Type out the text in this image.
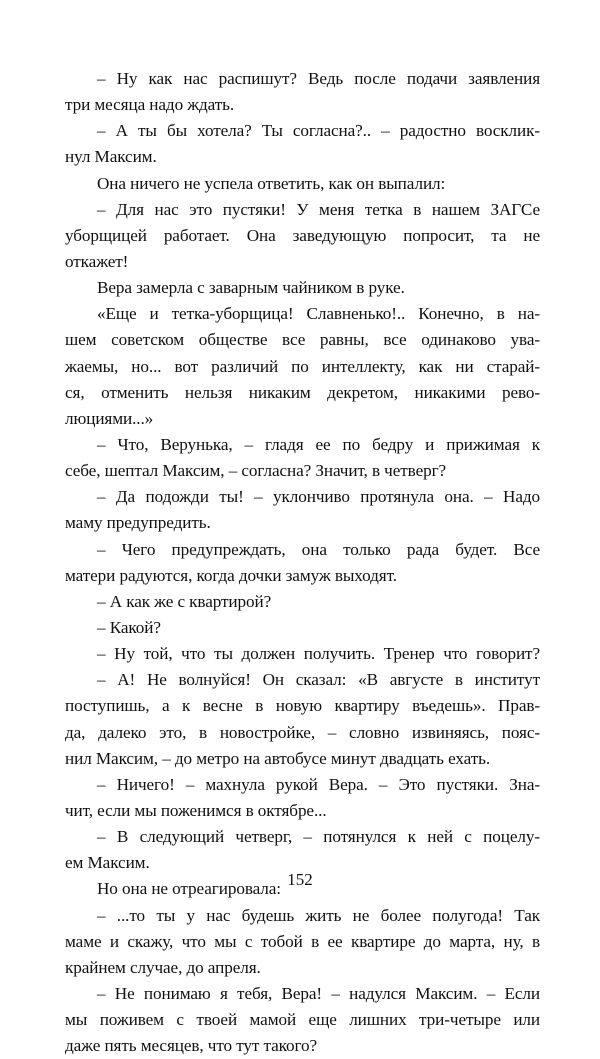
– Ну как нас распишут? Ведь после подачи заявления
три месяца надо ждать.
– А ты бы хотела? Ты согласна?.. – радостно восклик-
нул Максим.
Она ничего не успела ответить, как он выпалил:
– Для нас это пустяки! У меня тетка в нашем ЗАГСе
уборщицей работает. Она заведующую попросит, та не
откажет!
Вера замерла с заварным чайником в руке.
«Еще и тетка-уборщица! Славненько!.. Конечно, в на-
шем советском обществе все равны, все одинаково ува-
жаемы, но... вот различий по интеллекту, как ни старай-
ся, отменить нельзя никаким декретом, никакими рево-
люциями...»
– Что, Верунька, – гладя ее по бедру и прижимая к
себе, шептал Максим, – согласна? Значит, в четверг?
– Да подожди ты! – уклончиво протянула она. – Надо
маму предупредить.
– Чего предупреждать, она только рада будет. Все
матери радуются, когда дочки замуж выходят.
– А как же с квартирой?
– Какой?
– Ну той, что ты должен получить. Тренер что говорит?
– А! Не волнуйся! Он сказал: «В августе в институт
поступишь, а к весне в новую квартиру въедешь». Прав-
да, далеко это, в новостройке, – словно извиняясь, пояс-
нил Максим, – до метро на автобусе минут двадцать ехать.
– Ничего! – махнула рукой Вера. – Это пустяки. Зна-
чит, если мы поженимся в октябре...
– В следующий четверг, – потянулся к ней с поцелу-
ем Максим.
Но она не отреагировала:
– ...то ты у нас будешь жить не более полугода! Так
маме и скажу, что мы с тобой в ее квартире до марта, ну, в
крайнем случае, до апреля.
– Не понимаю я тебя, Вера! – надулся Максим. – Если
мы поживем с твоей мамой еще лишних три-четыре или
даже пять месяцев, что тут такого?
152
